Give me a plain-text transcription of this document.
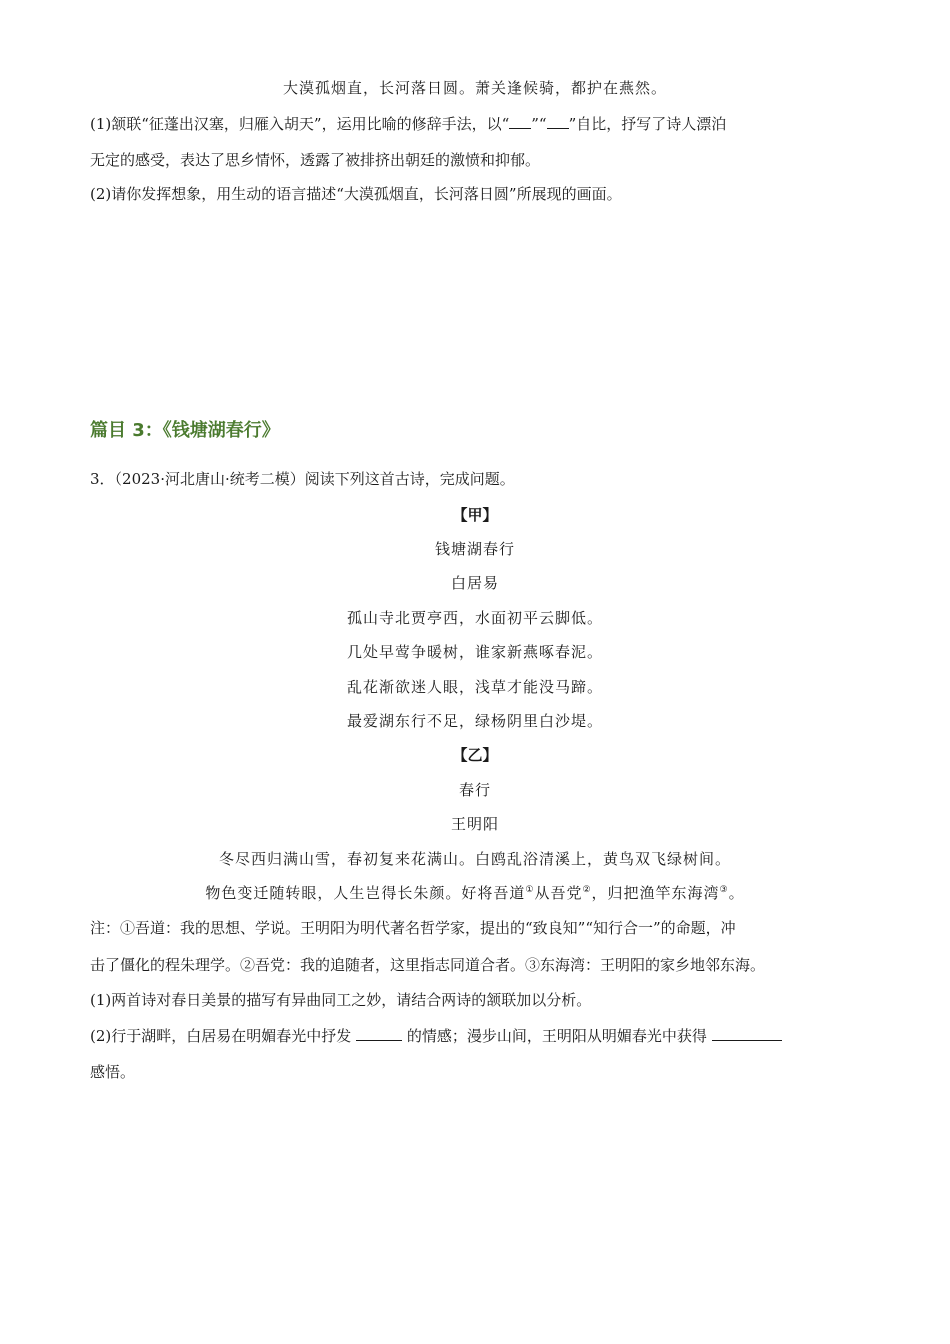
大漠孤烟直，长河落日圆。萧关逢候骑，都护在燕然。
(1)颔联“征蓬出汉塞，归雁入胡天”，运用比喻的修辞手法，以“ ”“ ”自比，抒写了诗人漂泊
无定的感受，表达了思乡情怀，透露了被排挤出朝廷的激愤和抑郁。
(2)请你发挥想象，用生动的语言描述“大漠孤烟直，长河落日圆”所展现的画面。
篇目 3：《钱塘湖春行》
3．（2023·河北唐山·统考二模）阅读下列这首古诗，完成问题。
【甲】
钱塘湖春行
白居易
孤山寺北贾亭西，水面初平云脚低。
几处早莺争暖树，谁家新燕啄春泥。
乱花渐欲迷人眼，浅草才能没马蹄。
最爱湖东行不足，绿杨阴里白沙堤。
【乙】
春行
王明阳
冬尽西归满山雪，春初复来花满山。白鸥乱浴清溪上，黄鸟双飞绿树间。
物色变迁随转眼，人生岂得长朱颜。好将吾道①从吾党②，归把渔竿东海湾③。
注：①吾道：我的思想、学说。王明阳为明代著名哲学家，提出的“致良知”“知行合一”的命题，冲
击了僵化的程朱理学。②吾党：我的追随者，这里指志同道合者。③东海湾：王明阳的家乡地邻东海。
(1)两首诗对春日美景的描写有异曲同工之妙，请结合两诗的颔联加以分析。
(2)行于湖畔，白居易在明媚春光中抒发	的情感；漫步山间，王明阳从明媚春光中获得
感悟。
